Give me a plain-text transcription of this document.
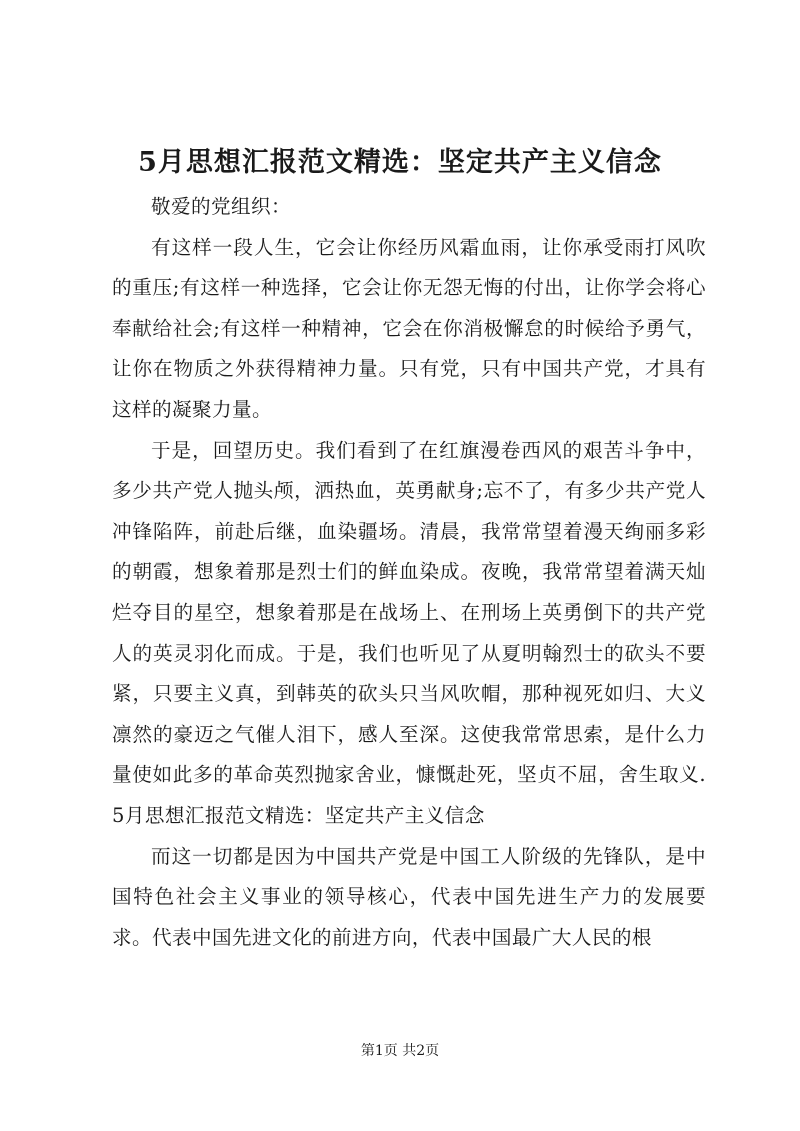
5月思想汇报范文精选：坚定共产主义信念

敬爱的党组织：

有这样一段人生，它会让你经历风霜血雨，让你承受雨打风吹的重压;有这样一种选择，它会让你无怨无悔的付出，让你学会将心奉献给社会;有这样一种精神，它会在你消极懈怠的时候给予勇气，让你在物质之外获得精神力量。只有党，只有中国共产党，才具有这样的凝聚力量。

于是，回望历史。我们看到了在红旗漫卷西风的艰苦斗争中，多少共产党人抛头颅，洒热血，英勇献身;忘不了，有多少共产党人冲锋陷阵，前赴后继，血染疆场。清晨，我常常望着漫天绚丽多彩的朝霞，想象着那是烈士们的鲜血染成。夜晚，我常常望着满天灿烂夺目的星空，想象着那是在战场上、在刑场上英勇倒下的共产党人的英灵羽化而成。于是，我们也听见了从夏明翰烈士的砍头不要紧，只要主义真，到韩英的砍头只当风吹帽，那种视死如归、大义凛然的豪迈之气催人泪下，感人至深。这使我常常思索，是什么力量使如此多的革命英烈抛家舍业，慷慨赴死，坚贞不屈，舍生取义.5月思想汇报范文精选：坚定共产主义信念

而这一切都是因为中国共产党是中国工人阶级的先锋队，是中国特色社会主义事业的领导核心，代表中国先进生产力的发展要求。代表中国先进文化的前进方向，代表中国最广大人民的根

第1页 共2页
